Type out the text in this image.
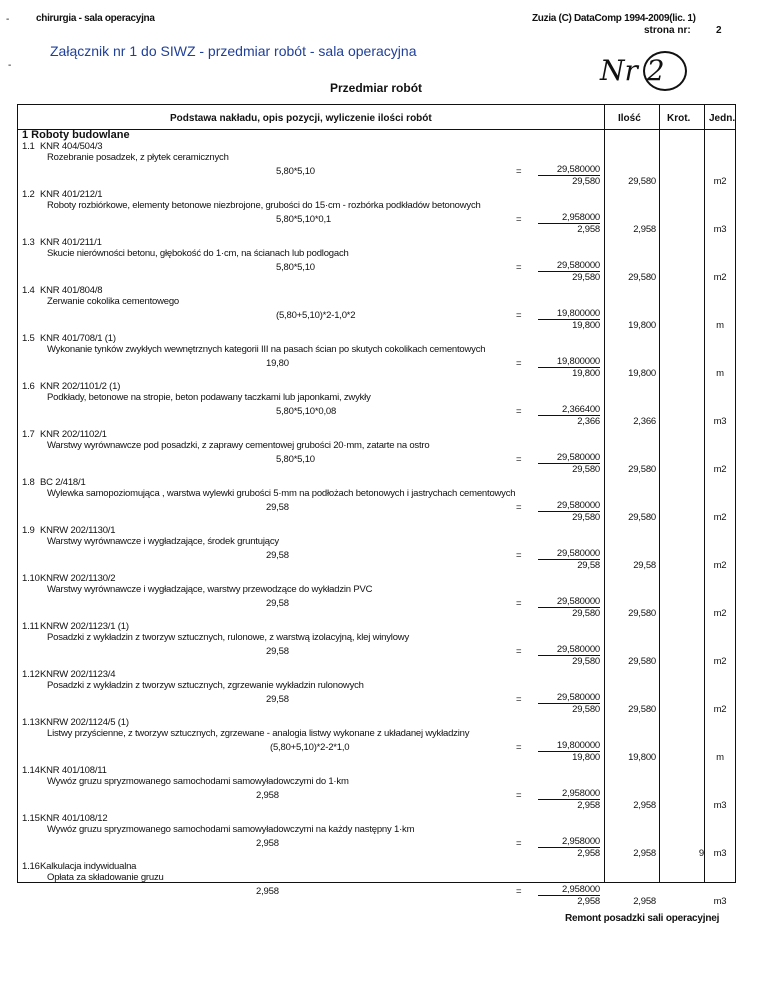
-
-
chirurgia - sala operacyjna	Zuzia (C) DataComp 1994-2009(lic. 1)
strona nr:	2
Załącznik nr 1 do SIWZ - przedmiar robót - sala operacyjna
Nr 2
Przedmiar robót
Podstawa nakładu, opis pozycji, wyliczenie ilości robót	Ilość	Krot. Jedn.
1 Roboty budowlane
1.1 KNR 404/504/3
Rozebranie posadzek, z płytek ceramicznych
5,80*5,10	=	29,580000
29,580	29,580	m2
1.2 KNR 401/212/1
Roboty rozbiórkowe, elementy betonowe niezbrojone, grubości do 15·cm - rozbórka podkładów betonowych
5,80*5,10*0,1	=	2,958000
2,958	2,958	m3
1.3 KNR 401/211/1
Skucie nierówności betonu, głębokość do 1·cm, na ścianach lub podlogach
5,80*5,10	=	29,580000
29,580	29,580	m2
1.4 KNR 401/804/8
Zerwanie cokolika cementowego
(5,80+5,10)*2-1,0*2	=	19,800000
19,800	19,800	m
1.5 KNR 401/708/1 (1)
Wykonanie tynków zwykłych wewnętrznych kategorii III na pasach ścian po skutych cokolikach cementowych
19,80	=	19,800000
19,800	19,800	m
1.6 KNR 202/1101/2 (1)
Podkłady, betonowe na stropie, beton podawany taczkami lub japonkami, zwykły
5,80*5,10*0,08	=	2,366400
2,366	2,366	m3
1.7 KNR 202/1102/1
Warstwy wyrównawcze pod posadzki, z zaprawy cementowej grubości 20·mm, zatarte na ostro
5,80*5,10	=	29,580000
29,580	29,580	m2
1.8 BC 2/418/1
Wylewka samopoziomująca , warstwa wylewki grubości 5·mm na podłożach betonowych i jastrychach cementowych
29,58	=	29,580000
29,580	29,580	m2
1.9 KNRW 202/1130/1
Warstwy wyrównawcze i wygładzające, środek gruntujący
29,58	=	29,580000
29,58	29,58	m2
1.10 KNRW 202/1130/2
Warstwy wyrównawcze i wygładzające, warstwy przewodzące do wykładzin PVC
29,58	=	29,580000
29,580	29,580	m2
1.11 KNRW 202/1123/1 (1)
Posadzki z wykładzin z tworzyw sztucznych, rulonowe, z warstwą izolacyjną, klej winylowy
29,58	=	29,580000
29,580	29,580	m2
1.12 KNRW 202/1123/4
Posadzki z wykładzin z tworzyw sztucznych, zgrzewanie wykładzin rulonowych
29,58	=	29,580000
29,580	29,580	m2
1.13 KNRW 202/1124/5 (1)
Listwy przyścienne, z tworzyw sztucznych, zgrzewane - analogia listwy wykonane z układanej wykładziny
(5,80+5,10)*2-2*1,0	=	19,800000
19,800	19,800	m
1.14 KNR 401/108/11
Wywóz gruzu spryzmowanego samochodami samowyładowczymi do 1·km
2,958	=	2,958000
2,958	2,958	m3
1.15 KNR 401/108/12
Wywóz gruzu spryzmowanego samochodami samowyładowczymi na każdy następny 1·km
2,958	=	2,958000
2,958	2,958	9	m3
1.16 Kalkulacja indywidualna
Opłata za składowanie gruzu
2,958	=	2,958000
2,958	2,958	m3
Remont posadzki sali operacyjnej
